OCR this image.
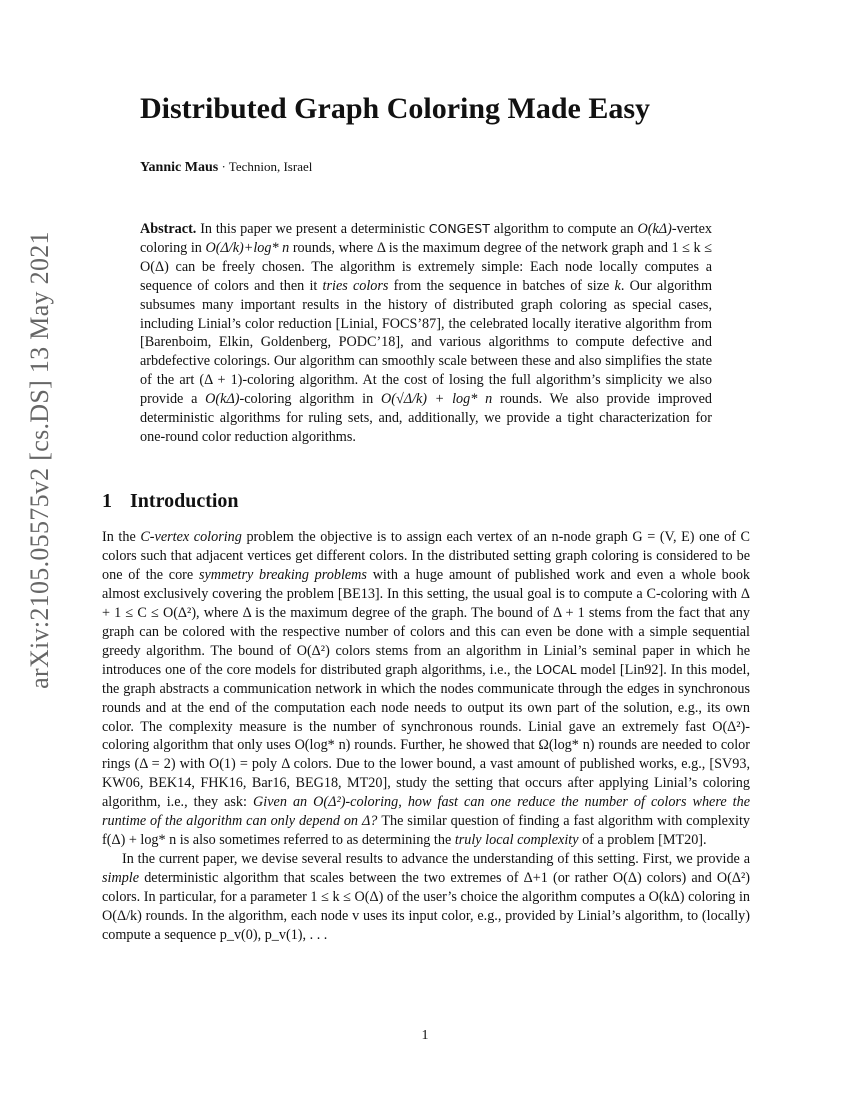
arXiv:2105.05575v2 [cs.DS] 13 May 2021
Distributed Graph Coloring Made Easy
Yannic Maus · Technion, Israel

Abstract. In this paper we present a deterministic CONGEST algorithm to compute an O(kΔ)-vertex coloring in O(Δ/k)+log* n rounds, where Δ is the maximum degree of the network graph and 1 ≤ k ≤ O(Δ) can be freely chosen. The algorithm is extremely simple: Each node locally computes a sequence of colors and then it tries colors from the sequence in batches of size k. Our algorithm subsumes many important results in the history of distributed graph coloring as special cases, including Linial’s color reduction [Linial, FOCS’87], the celebrated locally iterative algorithm from [Barenboim, Elkin, Goldenberg, PODC’18], and various algorithms to compute defective and arbdefective colorings. Our algorithm can smoothly scale between these and also simplifies the state of the art (Δ + 1)-coloring algorithm. At the cost of losing the full algorithm’s simplicity we also provide a O(kΔ)-coloring algorithm in O(√Δ/k) + log* n rounds. We also provide improved deterministic algorithms for ruling sets, and, additionally, we provide a tight characterization for one-round color reduction algorithms.

1 Introduction

In the C-vertex coloring problem the objective is to assign each vertex of an n-node graph G = (V, E) one of C colors such that adjacent vertices get different colors. In the distributed setting graph coloring is considered to be one of the core symmetry breaking problems with a huge amount of published work and even a whole book almost exclusively covering the problem [BE13]. In this setting, the usual goal is to compute a C-coloring with Δ + 1 ≤ C ≤ O(Δ²), where Δ is the maximum degree of the graph. The bound of Δ + 1 stems from the fact that any graph can be colored with the respective number of colors and this can even be done with a simple sequential greedy algorithm. The bound of O(Δ²) colors stems from an algorithm in Linial’s seminal paper in which he introduces one of the core models for distributed graph algorithms, i.e., the LOCAL model [Lin92]. In this model, the graph abstracts a communication network in which the nodes communicate through the edges in synchronous rounds and at the end of the computation each node needs to output its own part of the solution, e.g., its own color. The complexity measure is the number of synchronous rounds. Linial gave an extremely fast O(Δ²)-coloring algorithm that only uses O(log* n) rounds. Further, he showed that Ω(log* n) rounds are needed to color rings (Δ = 2) with O(1) = poly Δ colors. Due to the lower bound, a vast amount of published works, e.g., [SV93, KW06, BEK14, FHK16, Bar16, BEG18, MT20], study the setting that occurs after applying Linial’s coloring algorithm, i.e., they ask: Given an O(Δ²)-coloring, how fast can one reduce the number of colors where the runtime of the algorithm can only depend on Δ? The similar question of finding a fast algorithm with complexity f(Δ) + log* n is also sometimes referred to as determining the truly local complexity of a problem [MT20].

In the current paper, we devise several results to advance the understanding of this setting. First, we provide a simple deterministic algorithm that scales between the two extremes of Δ+1 (or rather O(Δ) colors) and O(Δ²) colors. In particular, for a parameter 1 ≤ k ≤ O(Δ) of the user’s choice the algorithm computes a O(kΔ) coloring in O(Δ/k) rounds. In the algorithm, each node v uses its input color, e.g., provided by Linial’s algorithm, to (locally) compute a sequence p_v(0), p_v(1), . . .

1
